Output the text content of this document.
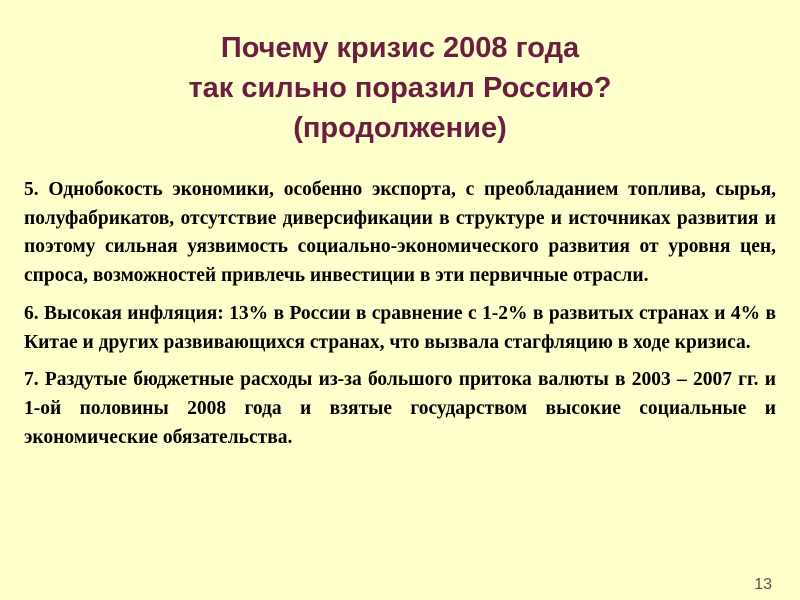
Почему кризис 2008 года
так сильно поразил Россию?
(продолжение)

5. Однобокость экономики, особенно экспорта, с преобладанием топлива, сырья, полуфабрикатов, отсутствие диверсификации в структуре и источниках развития и поэтому сильная уязвимость социально-экономического развития от уровня цен, спроса, возможностей привлечь инвестиции в эти первичные отрасли.

6. Высокая инфляция: 13% в России в сравнение с 1-2% в развитых странах и 4% в Китае и других развивающихся странах, что вызвала стагфляцию в ходе кризиса.

7. Раздутые бюджетные расходы из-за большого притока валюты в 2003 – 2007 гг. и 1-ой половины 2008 года и взятые государством высокие социальные и экономические обязательства.

13
